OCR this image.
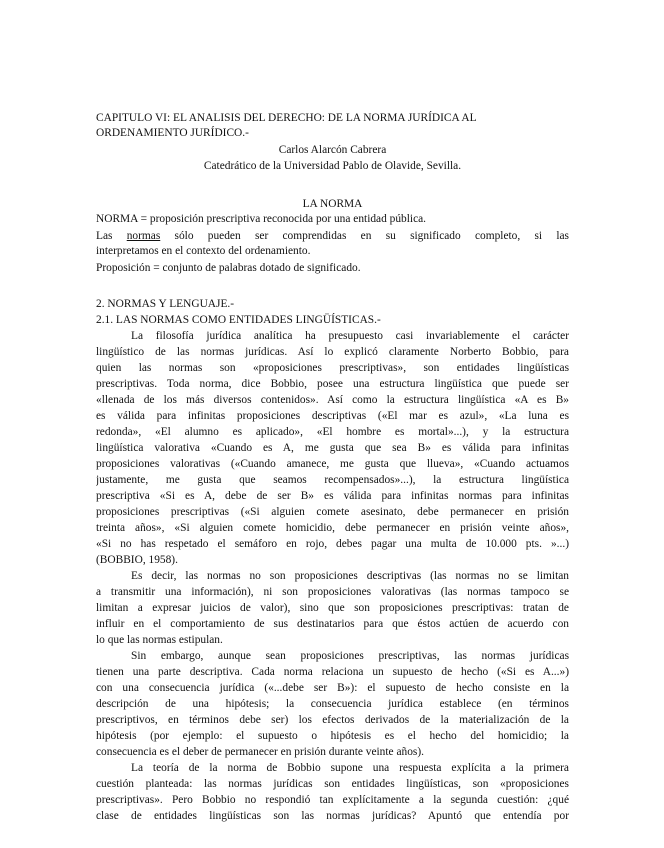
CAPITULO VI: EL ANALISIS DEL DERECHO: DE LA NORMA JURÍDICA AL
ORDENAMIENTO JURÍDICO.-
Carlos Alarcón Cabrera
Catedrático de la Universidad Pablo de Olavide, Sevilla.
LA NORMA
NORMA = proposición prescriptiva reconocida por una entidad pública.
Las normas sólo pueden ser comprendidas en su significado completo, si las
interpretamos en el contexto del ordenamiento.
Proposición = conjunto de palabras dotado de significado.
2. NORMAS Y LENGUAJE.-
2.1. LAS NORMAS COMO ENTIDADES LINGÜÍSTICAS.-
La filosofía jurídica analítica ha presupuesto casi invariablemente el carácter
lingüístico de las normas jurídicas. Así lo explicó claramente Norberto Bobbio, para
quien las normas son «proposiciones prescriptivas», son entidades lingüísticas
prescriptivas. Toda norma, dice Bobbio, posee una estructura lingüística que puede ser
«llenada de los más diversos contenidos». Así como la estructura lingüística «A es B»
es válida para infinitas proposiciones descriptivas («El mar es azul», «La luna es
redonda», «El alumno es aplicado», «El hombre es mortal»...), y la estructura
lingüística valorativa «Cuando es A, me gusta que sea B» es válida para infinitas
proposiciones valorativas («Cuando amanece, me gusta que llueva», «Cuando actuamos
justamente, me gusta que seamos recompensados»...), la estructura lingüística
prescriptiva «Si es A, debe de ser B» es válida para infinitas normas para infinitas
proposiciones prescriptivas («Si alguien comete asesinato, debe permanecer en prisión
treinta años», «Si alguien comete homicidio, debe permanecer en prisión veinte años»,
«Si no has respetado el semáforo en rojo, debes pagar una multa de 10.000 pts. »...)
(BOBBIO, 1958).
Es decir, las normas no son proposiciones descriptivas (las normas no se limitan
a transmitir una información), ni son proposiciones valorativas (las normas tampoco se
limitan a expresar juicios de valor), sino que son proposiciones prescriptivas: tratan de
influir en el comportamiento de sus destinatarios para que éstos actúen de acuerdo con
lo que las normas estipulan.
Sin embargo, aunque sean proposiciones prescriptivas, las normas jurídicas
tienen una parte descriptiva. Cada norma relaciona un supuesto de hecho («Si es A...»)
con una consecuencia jurídica («...debe ser B»): el supuesto de hecho consiste en la
descripción de una hipótesis; la consecuencia jurídica establece (en términos
prescriptivos, en términos debe ser) los efectos derivados de la materialización de la
hipótesis (por ejemplo: el supuesto o hipótesis es el hecho del homicidio; la
consecuencia es el deber de permanecer en prisión durante veinte años).
La teoría de la norma de Bobbio supone una respuesta explícita a la primera
cuestión planteada: las normas jurídicas son entidades lingüísticas, son «proposiciones
prescriptivas». Pero Bobbio no respondió tan explícitamente a la segunda cuestión: ¿qué
clase de entidades lingüísticas son las normas jurídicas? Apuntó que entendía por
